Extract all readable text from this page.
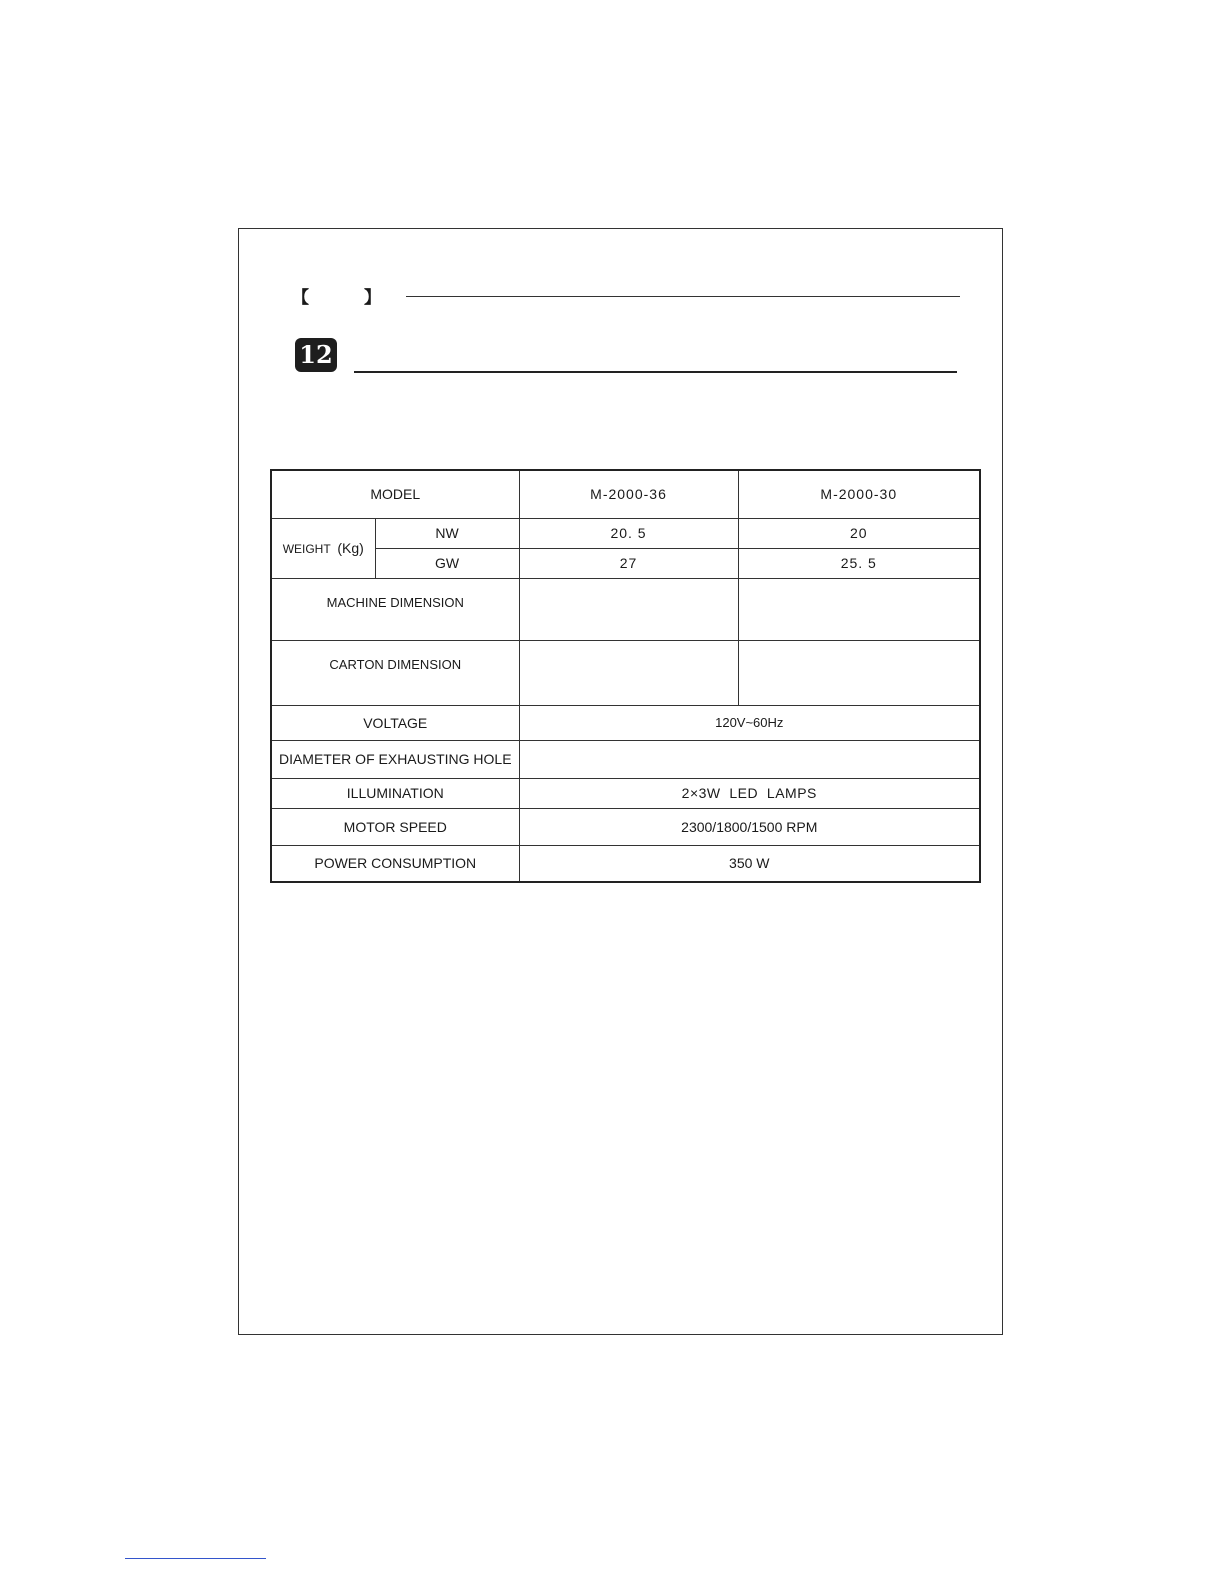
【	】
12
MODEL		M-2000-36	M-2000-30
WEIGHT (Kg)	NW	20. 5	20
	GW	27	25. 5
MACHINE DIMENSION			
CARTON DIMENSION			
VOLTAGE		120V~60Hz	
DIAMETER OF EXHAUSTING HOLE			
ILLUMINATION		2×3W  LED  LAMPS	
MOTOR SPEED		2300/1800/1500 RPM	
POWER CONSUMPTION		350 W	
